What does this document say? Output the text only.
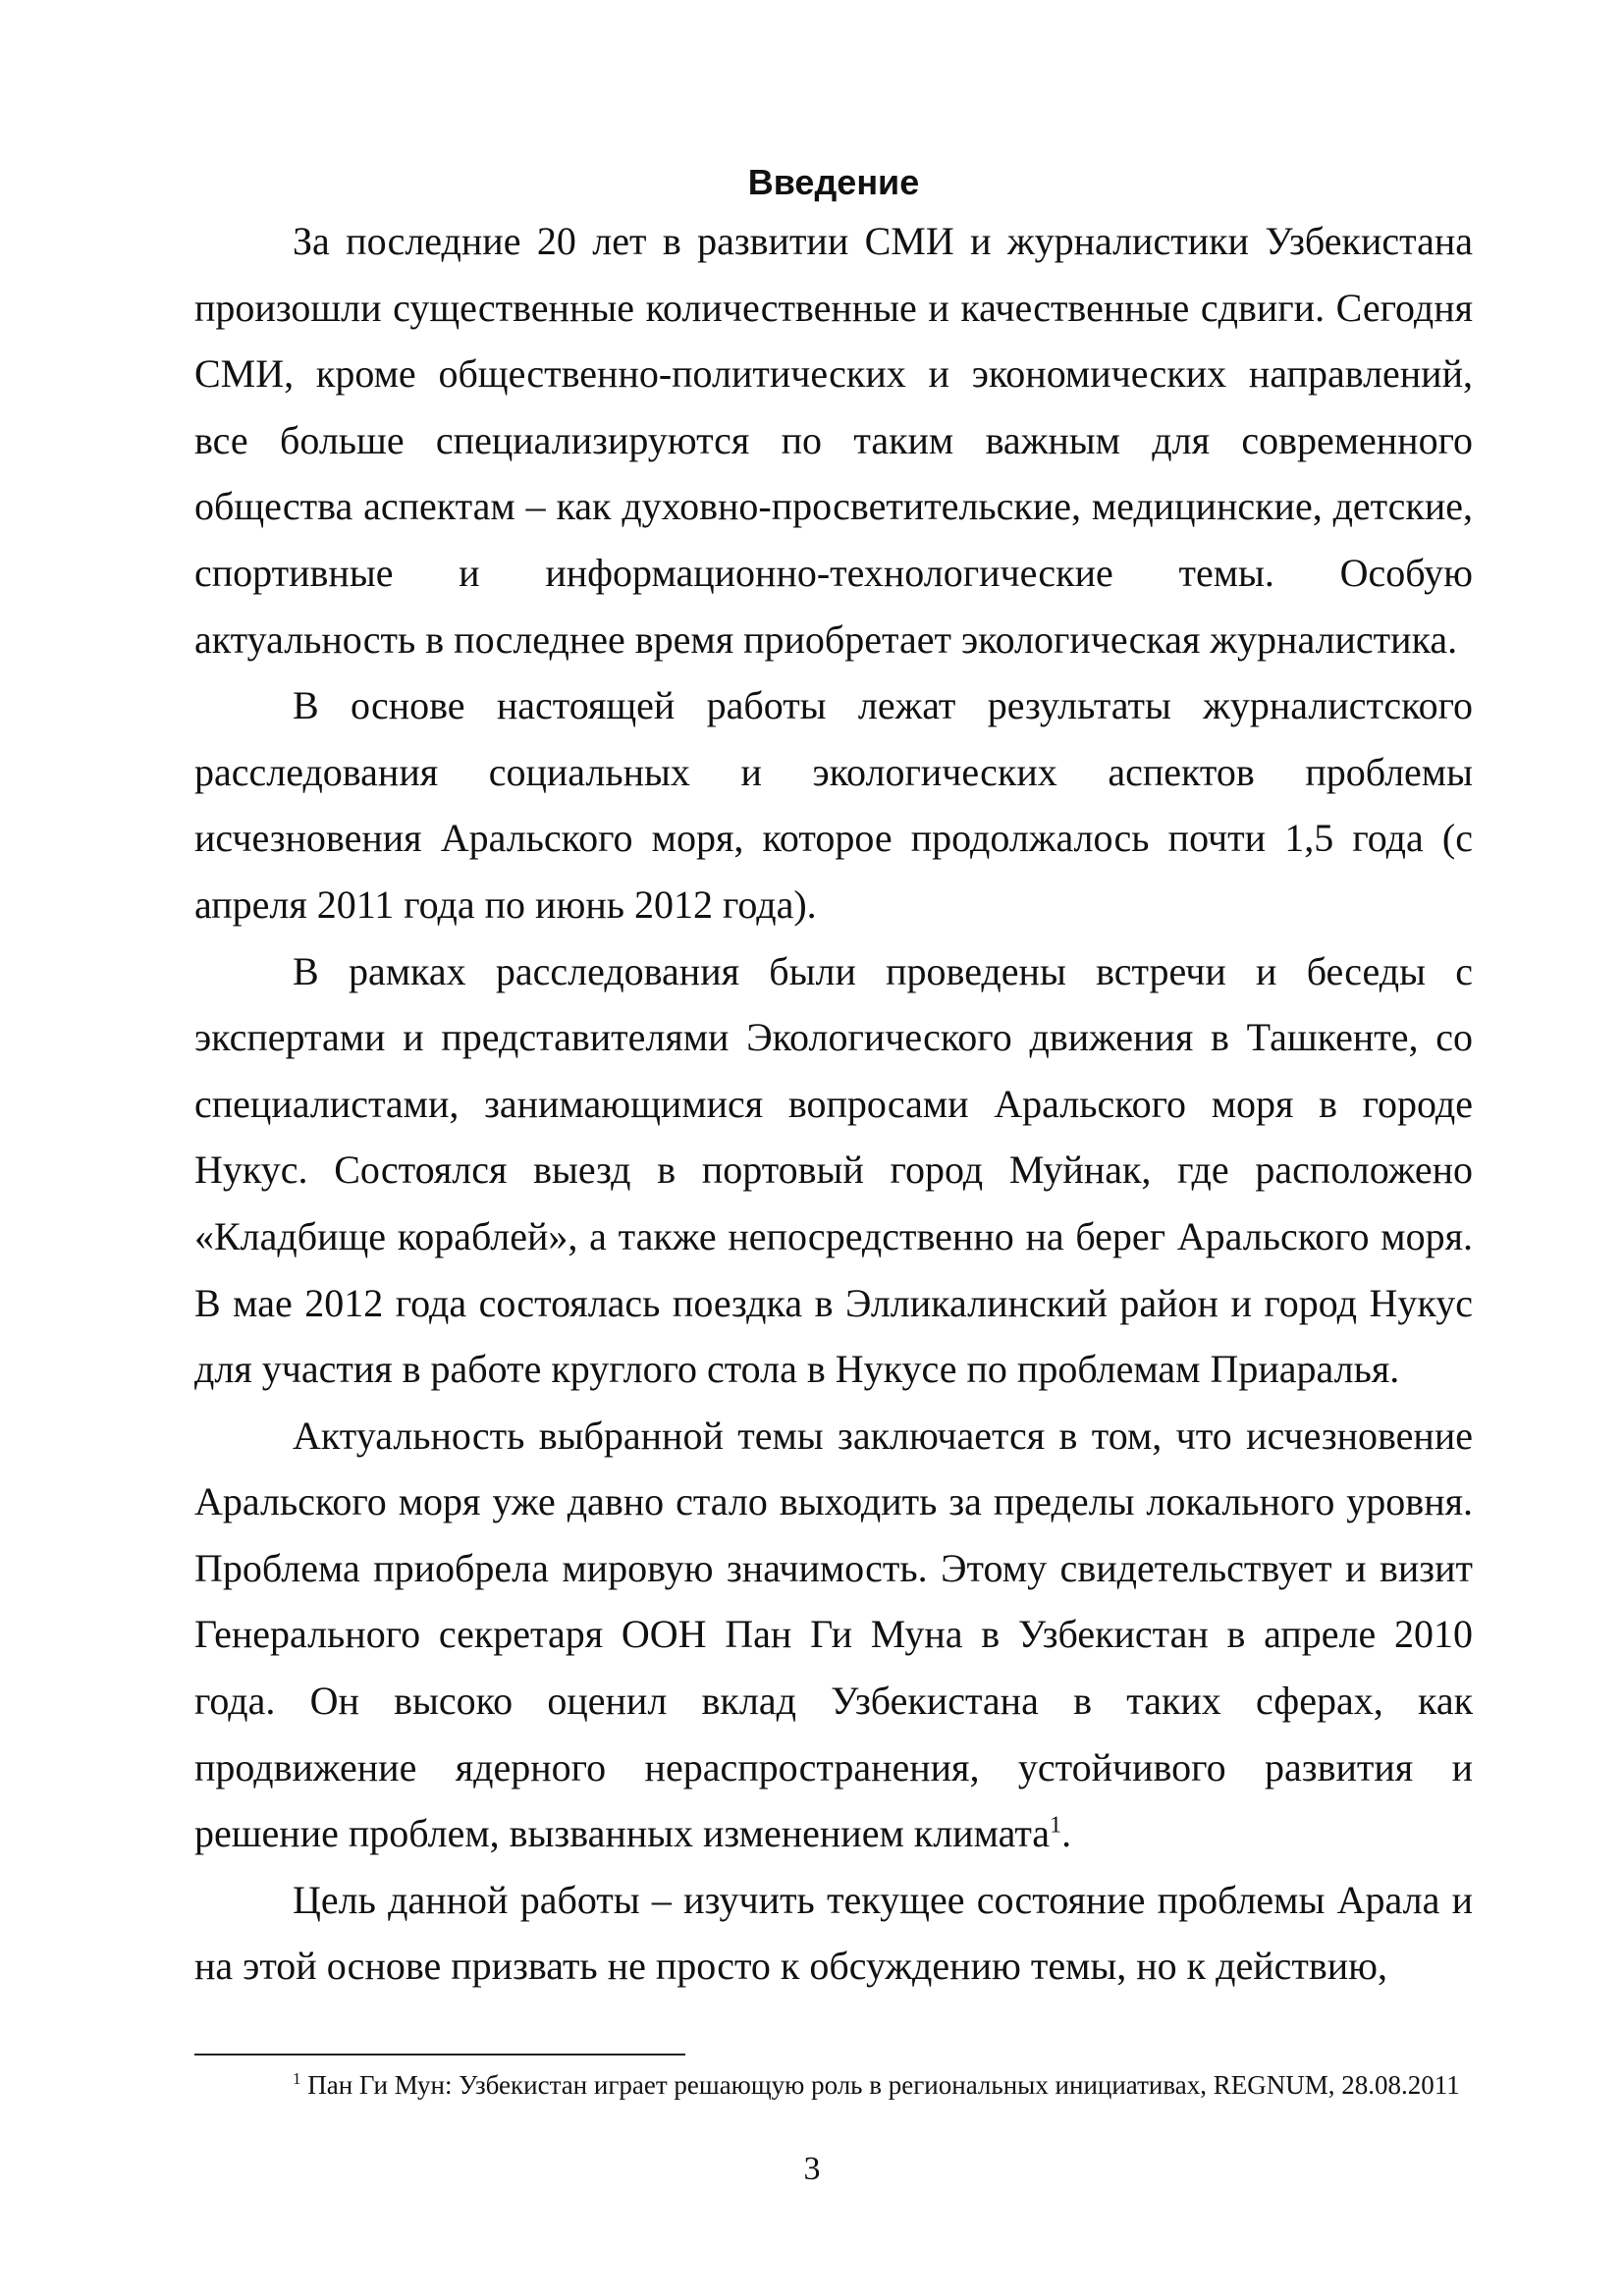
Введение

За последние 20 лет в развитии СМИ и журналистики Узбекистана произошли существенные количественные и качественные сдвиги. Сегодня СМИ, кроме общественно-политических и экономических направлений, все больше специализируются по таким важным для современного общества аспектам – как духовно-просветительские, медицинские, детские, спортивные и информационно-технологические темы. Особую актуальность в последнее время приобретает экологическая журналистика.

В основе настоящей работы лежат результаты журналистского расследования социальных и экологических аспектов проблемы исчезновения Аральского моря, которое продолжалось почти 1,5 года (с апреля 2011 года по июнь 2012 года).

В рамках расследования были проведены встречи и беседы с экспертами и представителями Экологического движения в Ташкенте, со специалистами, занимающимися вопросами Аральского моря в городе Нукус. Состоялся выезд в портовый город Муйнак, где расположено «Кладбище кораблей», а также непосредственно на берег Аральского моря. В мае 2012 года состоялась поездка в Элликалинский район и город Нукус для участия в работе круглого стола в Нукусе по проблемам Приаралья.

Актуальность выбранной темы заключается в том, что исчезновение Аральского моря уже давно стало выходить за пределы локального уровня. Проблема приобрела мировую значимость. Этому свидетельствует и визит Генерального секретаря ООН Пан Ги Муна в Узбекистан в апреле 2010 года. Он высоко оценил вклад Узбекистана в таких сферах, как продвижение ядерного нераспространения, устойчивого развития и решение проблем, вызванных изменением климата$^1$.

Цель данной работы – изучить текущее состояние проблемы Арала и на этой основе призвать не просто к обсуждению темы, но к действию,

$^1$ Пан Ги Мун: Узбекистан играет решающую роль в региональных инициативах, REGNUM, 28.08.2011

3
